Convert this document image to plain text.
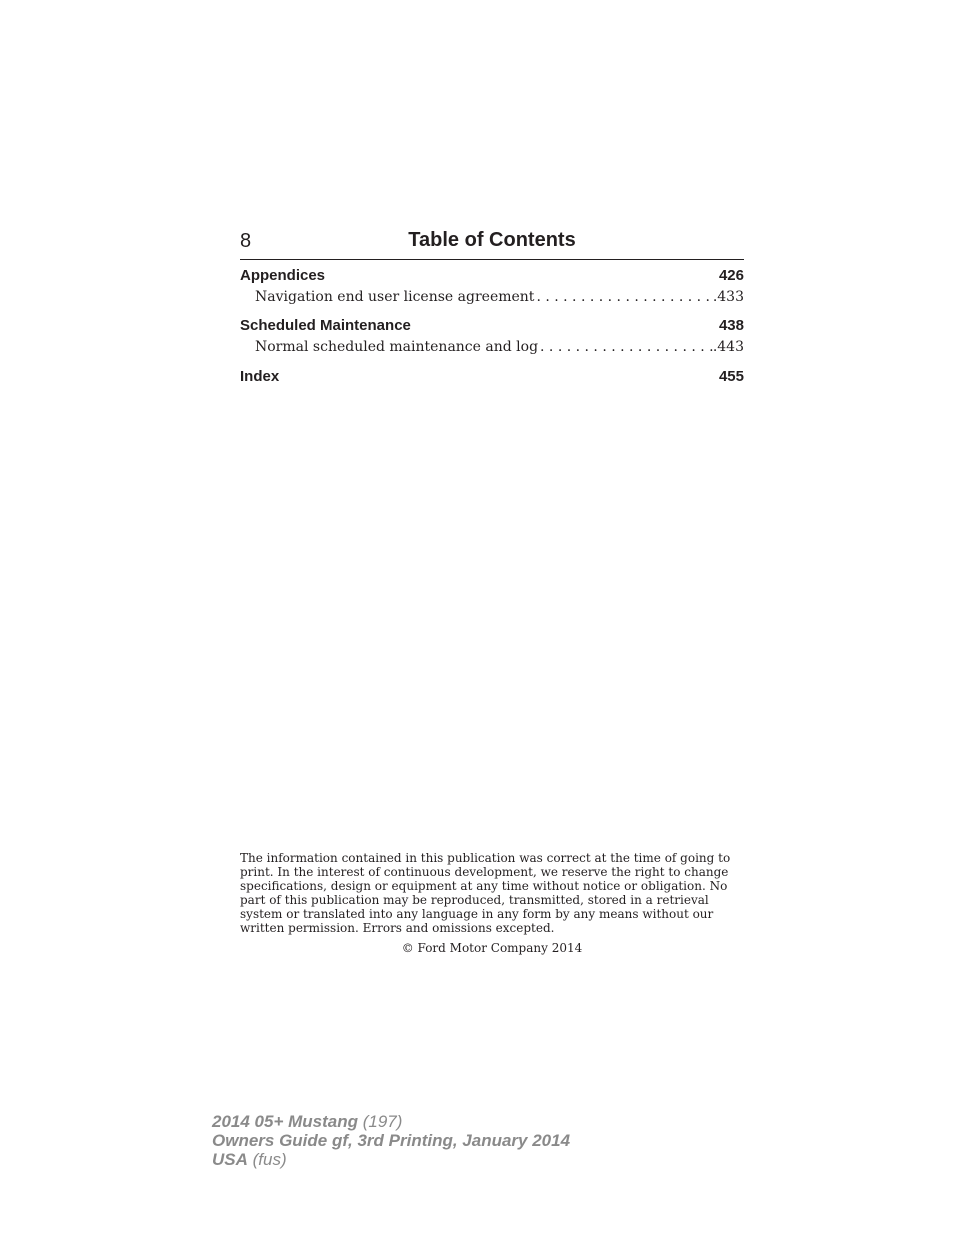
8	Table of Contents
Appendices	426
Navigation end user license agreement . . .	.433
Scheduled Maintenance	438
Normal scheduled maintenance and log . . .	.443
Index	455

The information contained in this publication was correct at the time of going to print. In the interest of continuous development, we reserve the right to change specifications, design or equipment at any time without notice or obligation. No part of this publication may be reproduced, transmitted, stored in a retrieval system or translated into any language in any form by any means without our written permission. Errors and omissions excepted.

© Ford Motor Company 2014
2014 05+ Mustang (197)
Owners Guide gf, 3rd Printing, January 2014
USA (fus)
